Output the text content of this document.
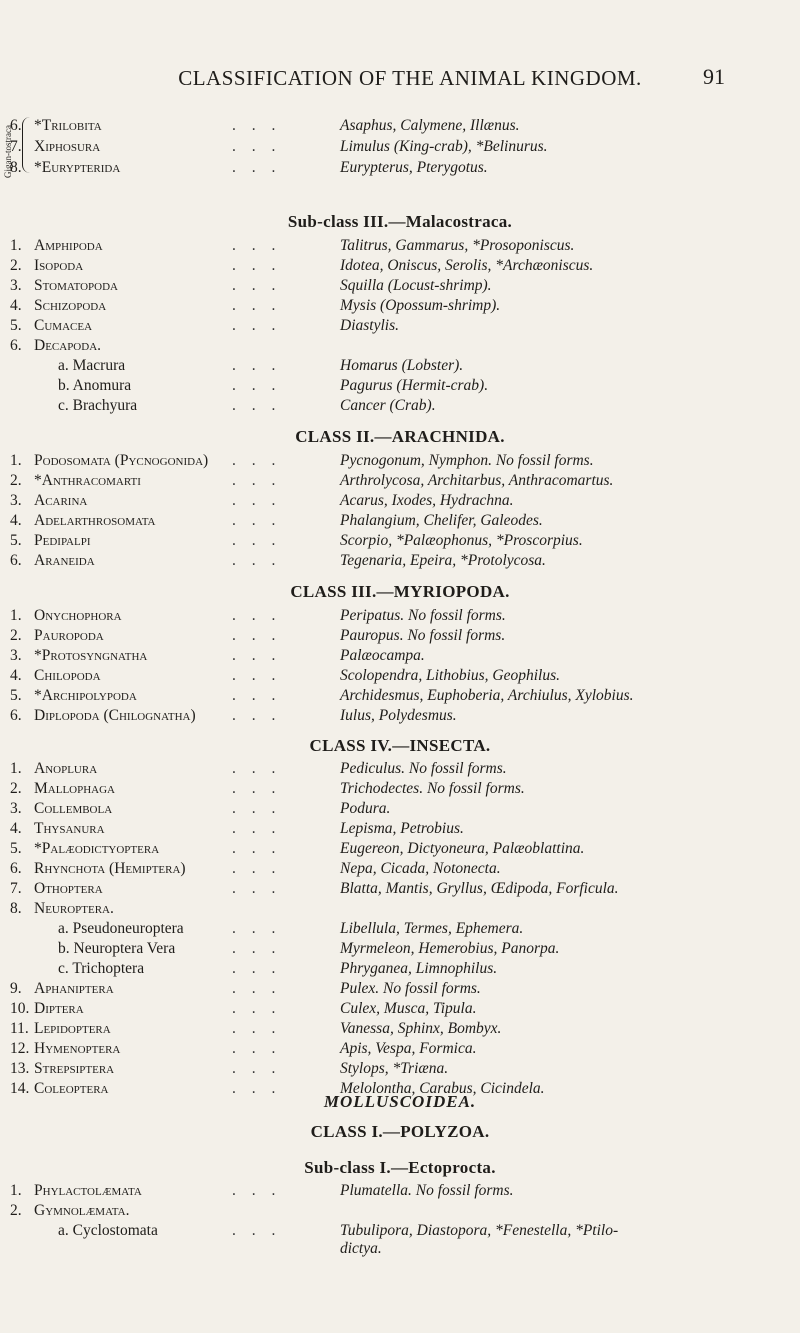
CLASSIFICATION OF THE ANIMAL KINGDOM.	91
Gigan-tostraca
6. *Trilobita	. . .	Asaphus, Calymene, Illænus.
7. Xiphosura	. . .	Limulus (King-crab), *Belinurus.
8. *Eurypterida	. . .	Eurypterus, Pterygotus.
Sub-class III.—Malacostraca.
1. Amphipoda	. . .	Talitrus, Gammarus, *Prosoponiscus.
2. Isopoda	. . .	Idotea, Oniscus, Serolis, *Archæoniscus.
3. Stomatopoda	. . .	Squilla (Locust-shrimp).
4. Schizopoda	. . .	Mysis (Opossum-shrimp).
5. Cumacea	. . .	Diastylis.
6. Decapoda.
a. Macrura	. . .	Homarus (Lobster).
b. Anomura	. . .	Pagurus (Hermit-crab).
c. Brachyura	. . .	Cancer (Crab).
CLASS II.—ARACHNIDA.
1. Podosomata (Pycnogonida) . . .	Pycnogonum, Nymphon. No fossil forms.
2. *Anthracomarti	. . .	Arthrolycosa, Architarbus, Anthracomartus.
3. Acarina	. . .	Acarus, Ixodes, Hydrachna.
4. Adelarthrosomata	. . .	Phalangium, Chelifer, Galeodes.
5. Pedipalpi	. . .	Scorpio, *Palæophonus, *Proscorpius.
6. Araneida	. . .	Tegenaria, Epeira, *Protolycosa.
CLASS III.—MYRIOPODA.
1. Onychophora	. . .	Peripatus. No fossil forms.
2. Pauropoda	. . .	Pauropus. No fossil forms.
3. *Protosyngnatha	. . .	Palæocampa.
4. Chilopoda	. . .	Scolopendra, Lithobius, Geophilus.
5. *Archipolypoda	. . .	Archidesmus, Euphoberia, Archiulus, Xylobius.
6. Diplopoda (Chilognatha) . . .	Iulus, Polydesmus.
CLASS IV.—INSECTA.
1. Anoplura	. . .	Pediculus. No fossil forms.
2. Mallophaga	. . .	Trichodectes. No fossil forms.
3. Collembola	. . .	Podura.
4. Thysanura	. . .	Lepisma, Petrobius.
5. *Palæodictyoptera	. . .	Eugereon, Dictyoneura, Palæoblattina.
6. Rhynchota (Hemiptera)	. . .	Nepa, Cicada, Notonecta.
7. Othoptera	. . .	Blatta, Mantis, Gryllus, Œdipoda, Forficula.
8. Neuroptera.
a. Pseudoneuroptera	. . .	Libellula, Termes, Ephemera.
b. Neuroptera Vera	. . .	Myrmeleon, Hemerobius, Panorpa.
c. Trichoptera	. . .	Phryganea, Limnophilus.
9. Aphaniptera	. . .	Pulex. No fossil forms.
10. Diptera	. . .	Culex, Musca, Tipula.
11. Lepidoptera	. . .	Vanessa, Sphinx, Bombyx.
12. Hymenoptera	. . .	Apis, Vespa, Formica.
13. Strepsiptera	. . .	Stylops, *Triæna.
14. Coleoptera	. . .	Melolontha, Carabus, Cicindela.
MOLLUSCOIDEA.
CLASS I.—POLYZOA.
Sub-class I.—Ectoprocta.
1. Phylactolæmata	. . .	Plumatella. No fossil forms.
2. Gymnolæmata.
a. Cyclostomata	. . .	Tubulipora, Diastopora, *Fenestella, *Ptilo-
dictya.
